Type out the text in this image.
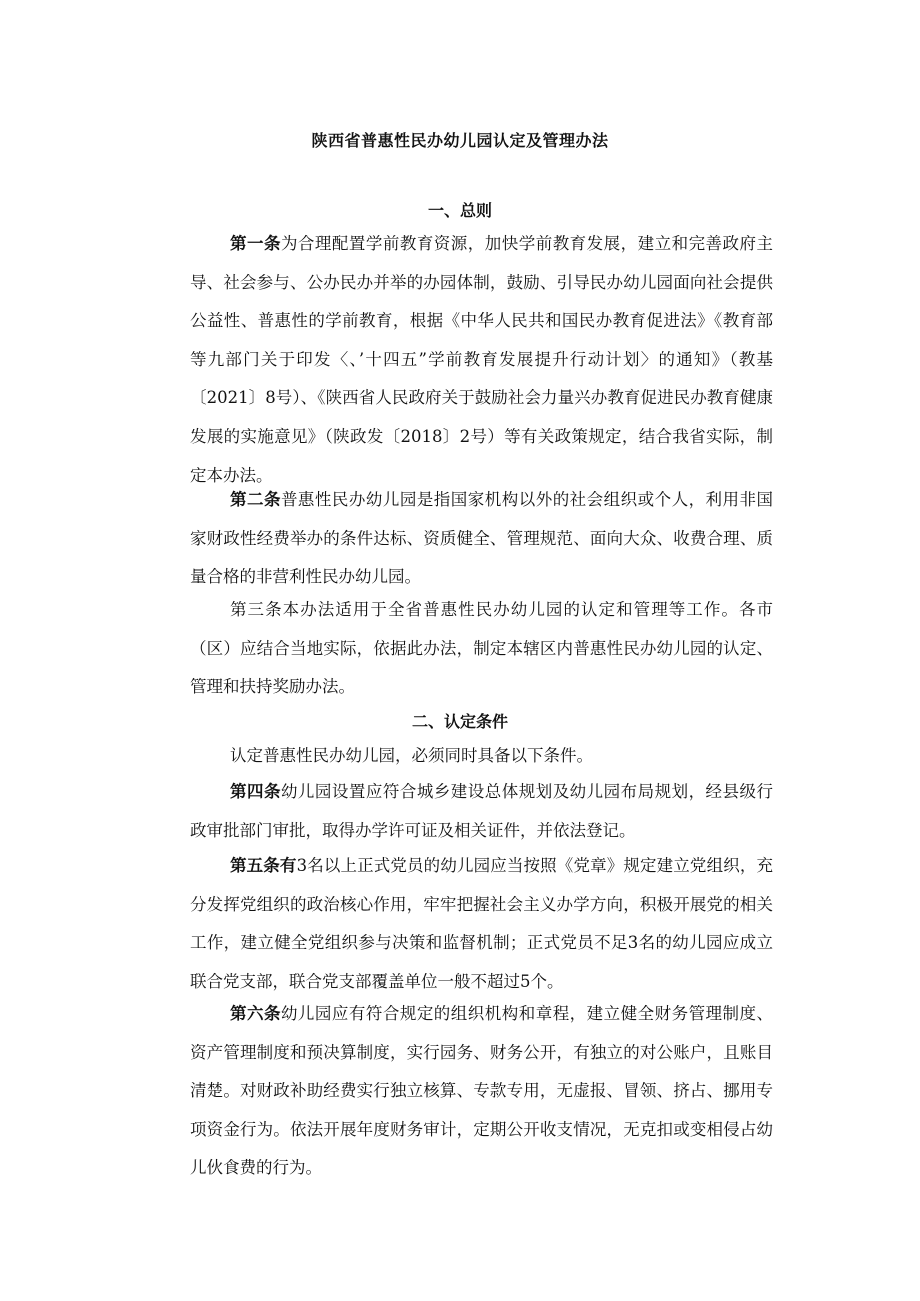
陕西省普惠性民办幼儿园认定及管理办法
一、总则

第一条为合理配置学前教育资源，加快学前教育发展，建立和完善政府主导、社会参与、公办民办并举的办园体制，鼓励、引导民办幼儿园面向社会提供公益性、普惠性的学前教育，根据《中华人民共和国民办教育促进法》《教育部等九部门关于印发〈、’十四五”学前教育发展提升行动计划〉的通知》（教基〔2021〕8号）、《陕西省人民政府关于鼓励社会力量兴办教育促进民办教育健康发展的实施意见》（陕政发〔2018〕2号）等有关政策规定，结合我省实际，制定本办法。

第二条普惠性民办幼儿园是指国家机构以外的社会组织或个人，利用非国家财政性经费举办的条件达标、资质健全、管理规范、面向大众、收费合理、质量合格的非营利性民办幼儿园。

第三条本办法适用于全省普惠性民办幼儿园的认定和管理等工作。各市（区）应结合当地实际，依据此办法，制定本辖区内普惠性民办幼儿园的认定、管理和扶持奖励办法。

二、认定条件

认定普惠性民办幼儿园，必须同时具备以下条件。

第四条幼儿园设置应符合城乡建设总体规划及幼儿园布局规划，经县级行政审批部门审批，取得办学许可证及相关证件，并依法登记。

第五条有3名以上正式党员的幼儿园应当按照《党章》规定建立党组织，充分发挥党组织的政治核心作用，牢牢把握社会主义办学方向，积极开展党的相关工作，建立健全党组织参与决策和监督机制；正式党员不足3名的幼儿园应成立联合党支部，联合党支部覆盖单位一般不超过5个。

第六条幼儿园应有符合规定的组织机构和章程，建立健全财务管理制度、资产管理制度和预决算制度，实行园务、财务公开，有独立的对公账户，且账目清楚。对财政补助经费实行独立核算、专款专用，无虚报、冒领、挤占、挪用专项资金行为。依法开展年度财务审计，定期公开收支情况，无克扣或变相侵占幼儿伙食费的行为。
